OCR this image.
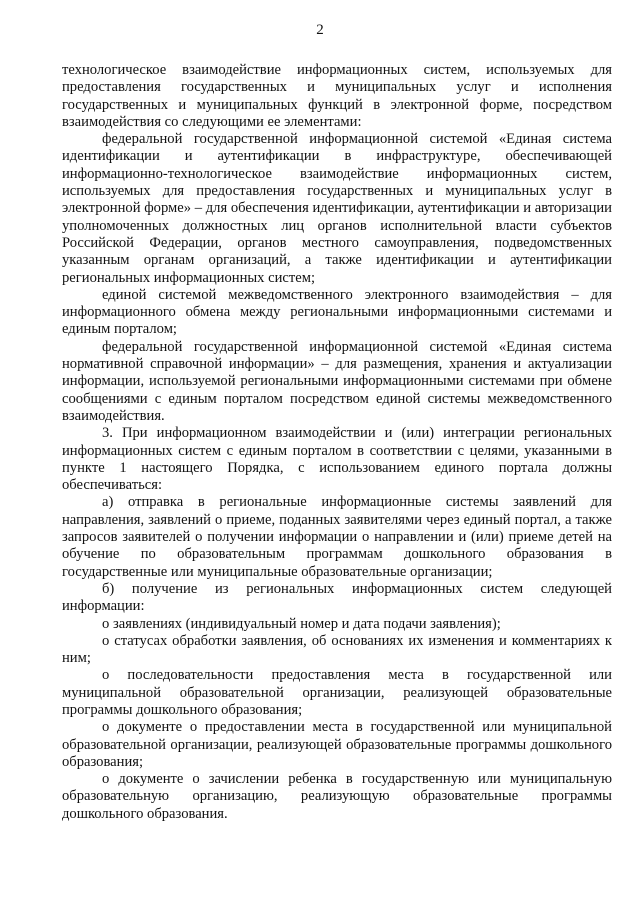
2

технологическое взаимодействие информационных систем, используемых для предоставления государственных и муниципальных услуг и исполнения государственных и муниципальных функций в электронной форме, посредством взаимодействия со следующими ее элементами:

федеральной государственной информационной системой «Единая система идентификации и аутентификации в инфраструктуре, обеспечивающей информационно-технологическое взаимодействие информационных систем, используемых для предоставления государственных и муниципальных услуг в электронной форме» – для обеспечения идентификации, аутентификации и авторизации уполномоченных должностных лиц органов исполнительной власти субъектов Российской Федерации, органов местного самоуправления, подведомственных указанным органам организаций, а также идентификации и аутентификации региональных информационных систем;

единой системой межведомственного электронного взаимодействия – для информационного обмена между региональными информационными системами и единым порталом;

федеральной государственной информационной системой «Единая система нормативной справочной информации» – для размещения, хранения и актуализации информации, используемой региональными информационными системами при обмене сообщениями с единым порталом посредством единой системы межведомственного взаимодействия.

3. При информационном взаимодействии и (или) интеграции региональных информационных систем с единым порталом в соответствии с целями, указанными в пункте 1 настоящего Порядка, с использованием единого портала должны обеспечиваться:

а) отправка в региональные информационные системы заявлений для направления, заявлений о приеме, поданных заявителями через единый портал, а также запросов заявителей о получении информации о направлении и (или) приеме детей на обучение по образовательным программам дошкольного образования в государственные или муниципальные образовательные организации;

б) получение из региональных информационных систем следующей информации:

о заявлениях (индивидуальный номер и дата подачи заявления);

о статусах обработки заявления, об основаниях их изменения и комментариях к ним;

о последовательности предоставления места в государственной или муниципальной образовательной организации, реализующей образовательные программы дошкольного образования;

о документе о предоставлении места в государственной или муниципальной образовательной организации, реализующей образовательные программы дошкольного образования;

о документе о зачислении ребенка в государственную или муниципальную образовательную организацию, реализующую образовательные программы дошкольного образования.
